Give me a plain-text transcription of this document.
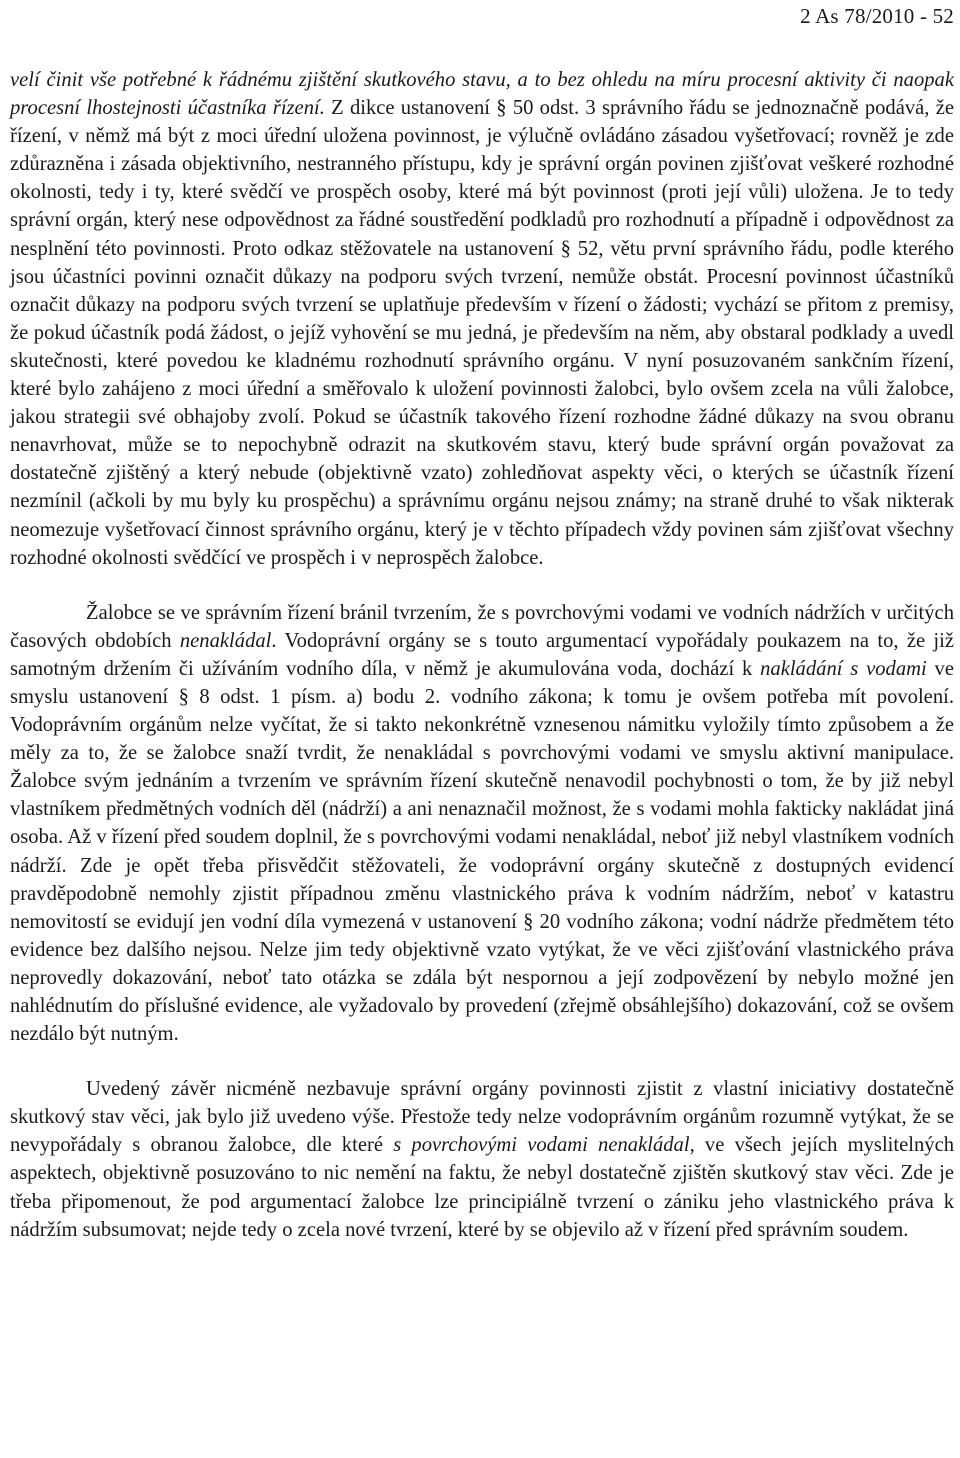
2 As 78/2010 - 52

velí činit vše potřebné k řádnému zjištění skutkového stavu, a to bez ohledu na míru procesní aktivity či naopak procesní lhostejnosti účastníka řízení. Z dikce ustanovení § 50 odst. 3 správního řádu se jednoznačně podává, že řízení, v němž má být z moci úřední uložena povinnost, je výlučně ovládáno zásadou vyšetřovací; rovněž je zde zdůrazněna i zásada objektivního, nestranného přístupu, kdy je správní orgán povinen zjišťovat veškeré rozhodné okolnosti, tedy i ty, které svědčí ve prospěch osoby, které má být povinnost (proti její vůli) uložena. Je to tedy správní orgán, který nese odpovědnost za řádné soustředění podkladů pro rozhodnutí a případně i odpovědnost za nesplnění této povinnosti. Proto odkaz stěžovatele na ustanovení § 52, větu první správního řádu, podle kterého jsou účastníci povinni označit důkazy na podporu svých tvrzení, nemůže obstát. Procesní povinnost účastníků označit důkazy na podporu svých tvrzení se uplatňuje především v řízení o žádosti; vychází se přitom z premisy, že pokud účastník podá žádost, o jejíž vyhovění se mu jedná, je především na něm, aby obstaral podklady a uvedl skutečnosti, které povedou ke kladnému rozhodnutí správního orgánu. V nyní posuzovaném sankčním řízení, které bylo zahájeno z moci úřední a směřovalo k uložení povinnosti žalobci, bylo ovšem zcela na vůli žalobce, jakou strategii své obhajoby zvolí. Pokud se účastník takového řízení rozhodne žádné důkazy na svou obranu nenavrhovat, může se to nepochybně odrazit na skutkovém stavu, který bude správní orgán považovat za dostatečně zjištěný a který nebude (objektivně vzato) zohledňovat aspekty věci, o kterých se účastník řízení nezmínil (ačkoli by mu byly ku prospěchu) a správnímu orgánu nejsou známy; na straně druhé to však nikterak neomezuje vyšetřovací činnost správního orgánu, který je v těchto případech vždy povinen sám zjišťovat všechny rozhodné okolnosti svědčící ve prospěch i v neprospěch žalobce.

Žalobce se ve správním řízení bránil tvrzením, že s povrchovými vodami ve vodních nádržích v určitých časových obdobích nenakládal. Vodoprávní orgány se s touto argumentací vypořádaly poukazem na to, že již samotným držením či užíváním vodního díla, v němž je akumulována voda, dochází k nakládání s vodami ve smyslu ustanovení § 8 odst. 1 písm. a) bodu 2. vodního zákona; k tomu je ovšem potřeba mít povolení. Vodoprávním orgánům nelze vyčítat, že si takto nekonkrétně vznesenou námitku vyložily tímto způsobem a že měly za to, že se žalobce snaží tvrdit, že nenakládal s povrchovými vodami ve smyslu aktivní manipulace. Žalobce svým jednáním a tvrzením ve správním řízení skutečně nenavodil pochybnosti o tom, že by již nebyl vlastníkem předmětných vodních děl (nádrží) a ani nenaznačil možnost, že s vodami mohla fakticky nakládat jiná osoba. Až v řízení před soudem doplnil, že s povrchovými vodami nenakládal, neboť již nebyl vlastníkem vodních nádrží. Zde je opět třeba přisvědčit stěžovateli, že vodoprávní orgány skutečně z dostupných evidencí pravděpodobně nemohly zjistit případnou změnu vlastnického práva k vodním nádržím, neboť v katastru nemovitostí se evidují jen vodní díla vymezená v ustanovení § 20 vodního zákona; vodní nádrže předmětem této evidence bez dalšího nejsou. Nelze jim tedy objektivně vzato vytýkat, že ve věci zjišťování vlastnického práva neprovedly dokazování, neboť tato otázka se zdála být nespornou a její zodpovězení by nebylo možné jen nahlédnutím do příslušné evidence, ale vyžadovalo by provedení (zřejmě obsáhlejšího) dokazování, což se ovšem nezdálo být nutným.

Uvedený závěr nicméně nezbavuje správní orgány povinnosti zjistit z vlastní iniciativy dostatečně skutkový stav věci, jak bylo již uvedeno výše. Přestože tedy nelze vodoprávním orgánům rozumně vytýkat, že se nevypořádaly s obranou žalobce, dle které s povrchovými vodami nenakládal, ve všech jejích myslitelných aspektech, objektivně posuzováno to nic nemění na faktu, že nebyl dostatečně zjištěn skutkový stav věci. Zde je třeba připomenout, že pod argumentací žalobce lze principiálně tvrzení o zániku jeho vlastnického práva k nádržím subsumovat; nejde tedy o zcela nové tvrzení, které by se objevilo až v řízení před správním soudem.
